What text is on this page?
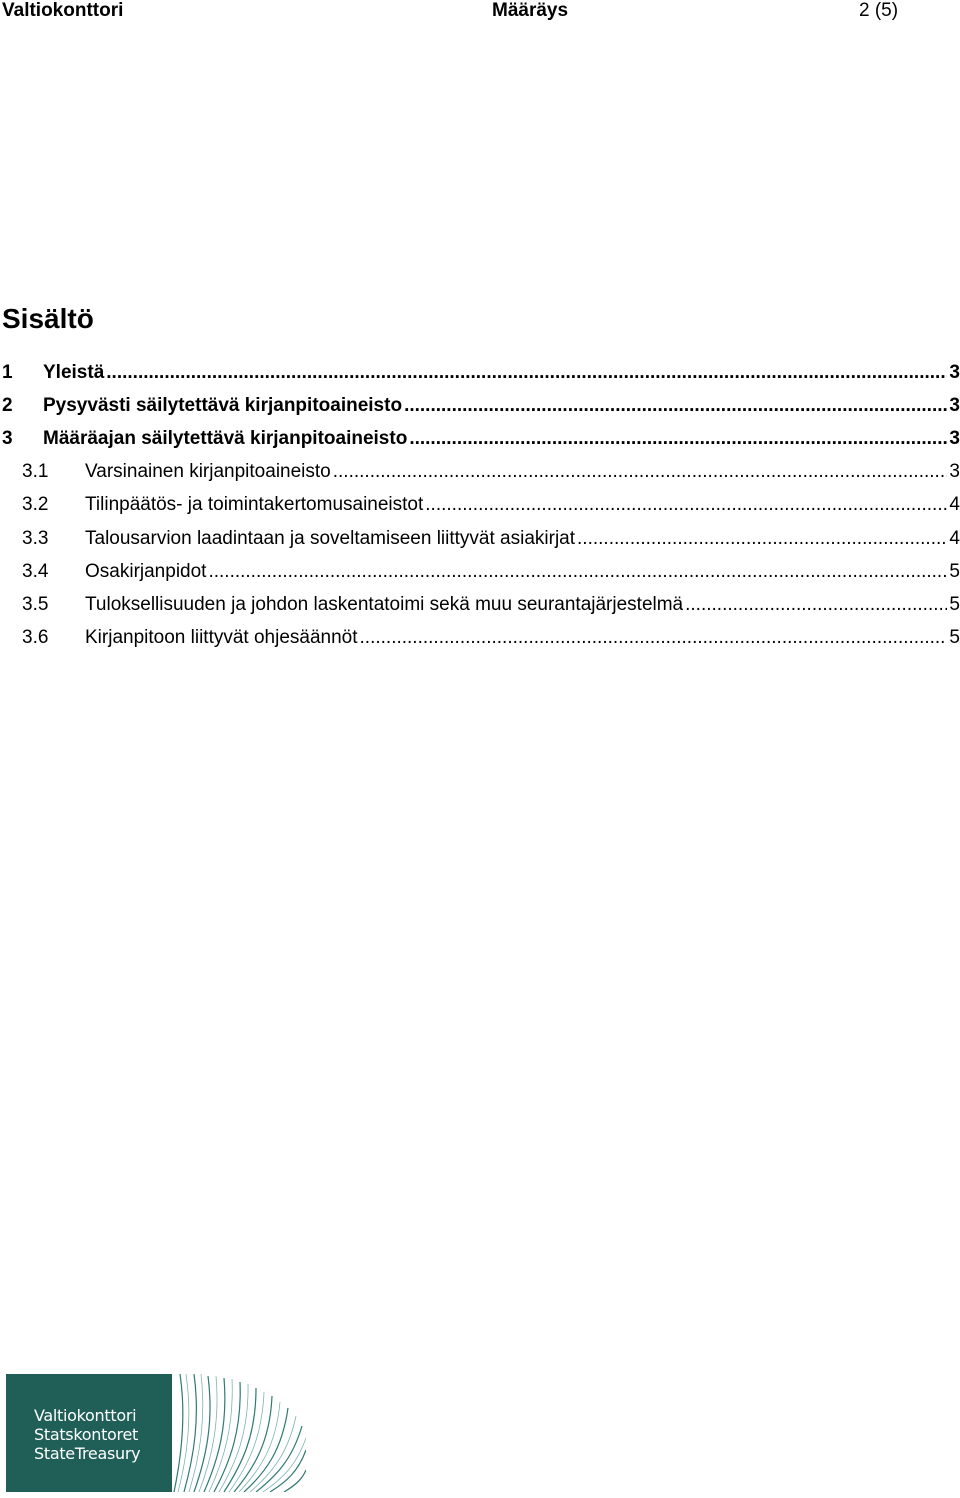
Valtiokonttori	Määräys	2 (5)
Sisältö
1 Yleistä .....	3
2 Pysyvästi säilytettävä kirjanpitoaineisto .....	3
3 Määräajan säilytettävä kirjanpitoaineisto .....	3
3.1 Varsinainen kirjanpitoaineisto .....	3
3.2 Tilinpäätös- ja toimintakertomusaineistot .....	4
3.3 Talousarvion laadintaan ja soveltamiseen liittyvät asiakirjat .....	4
3.4 Osakirjanpidot .....	5
3.5 Tuloksellisuuden ja johdon laskentatoimi sekä muu seurantajärjestelmä .....	5
3.6 Kirjanpitoon liittyvät ohjesäännöt .....	5
Valtiokonttori
Statskontoret
StateTreasury
